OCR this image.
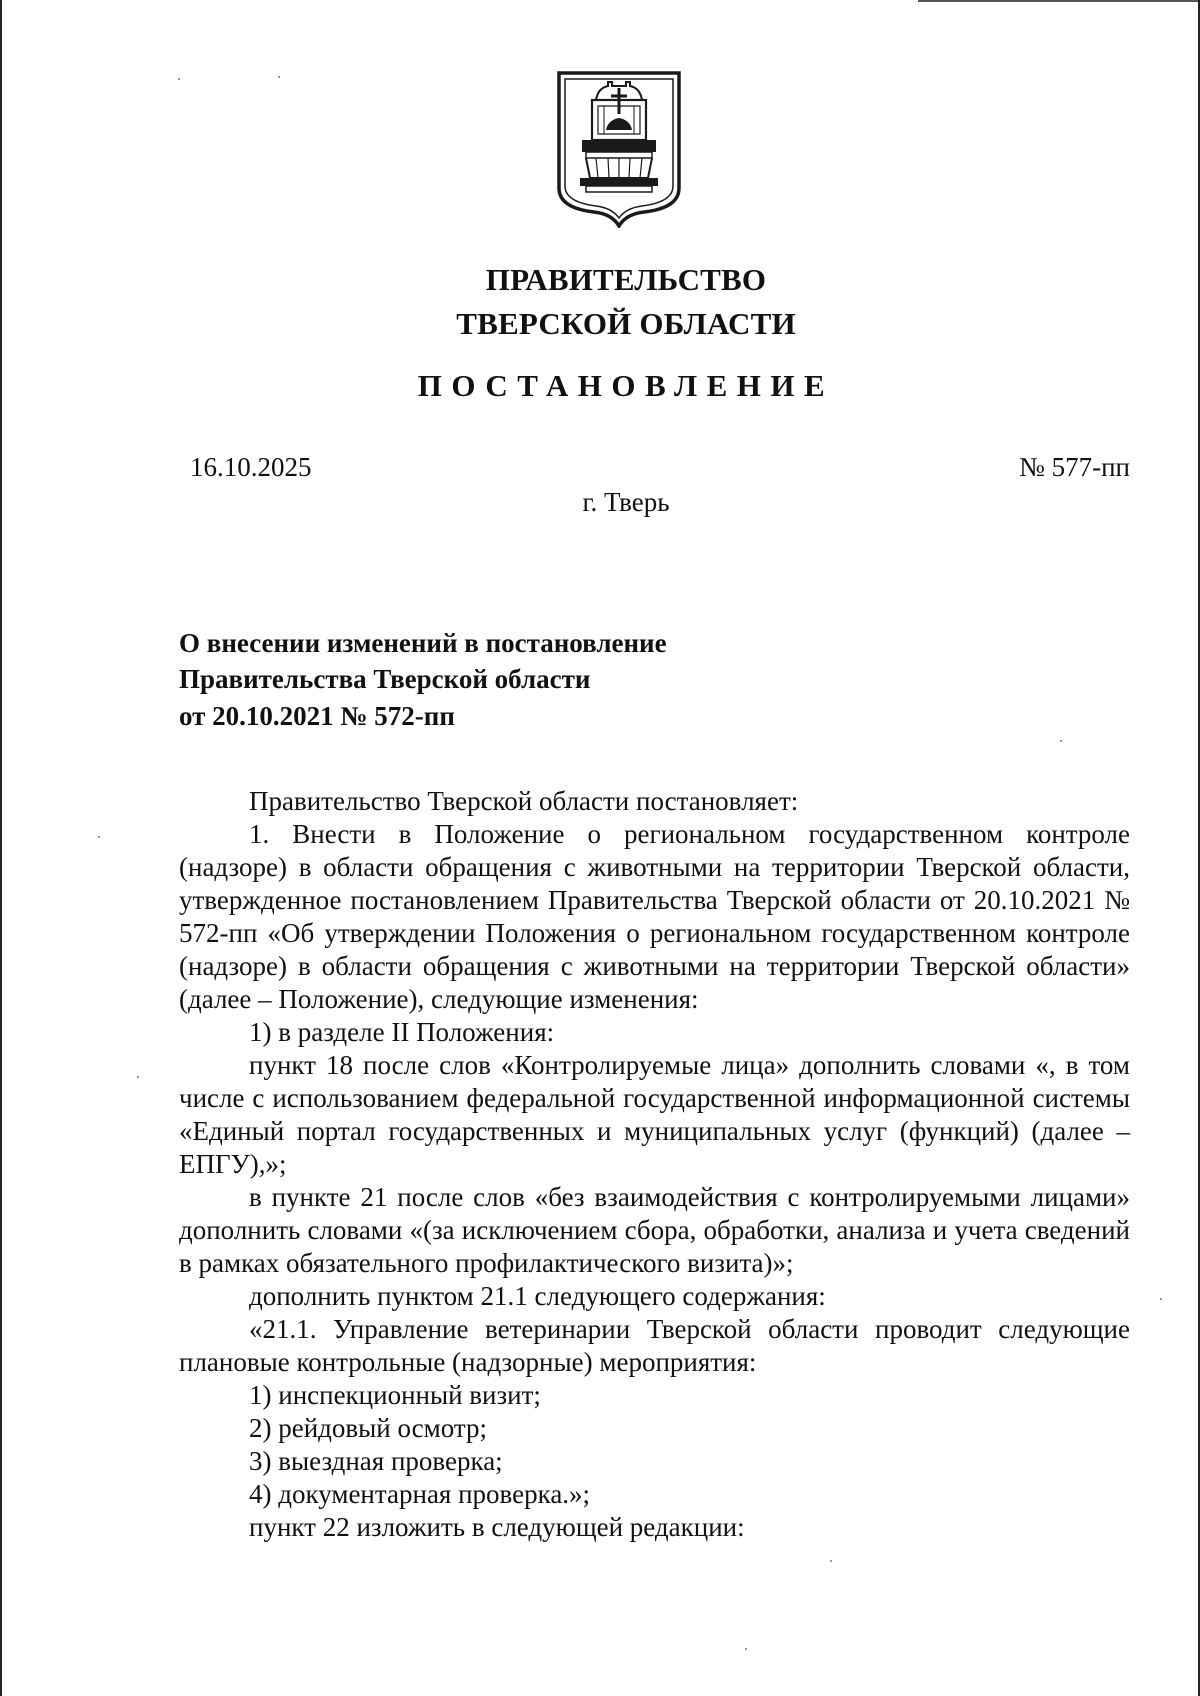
ПРАВИТЕЛЬСТВО
ТВЕРСКОЙ ОБЛАСТИ
ПОСТАНОВЛЕНИЕ
16.10.2025	№ 577-пп
г. Тверь
О внесении изменений в постановление
Правительства Тверской области
от 20.10.2021 № 572-пп

Правительство Тверской области постановляет:

1. Внести в Положение о региональном государственном контроле (надзоре) в области обращения с животными на территории Тверской области, утвержденное постановлением Правительства Тверской области от 20.10.2021 № 572-пп «Об утверждении Положения о региональном государственном контроле (надзоре) в области обращения с животными на территории Тверской области» (далее – Положение), следующие изменения:

1) в разделе II Положения:

пункт 18 после слов «Контролируемые лица» дополнить словами «, в том числе с использованием федеральной государственной информационной системы «Единый портал государственных и муниципальных услуг (функций) (далее – ЕПГУ),»;

в пункте 21 после слов «без взаимодействия с контролируемыми лицами» дополнить словами «(за исключением сбора, обработки, анализа и учета сведений в рамках обязательного профилактического визита)»;

дополнить пунктом 21.1 следующего содержания:

«21.1. Управление ветеринарии Тверской области проводит следующие плановые контрольные (надзорные) мероприятия:

1) инспекционный визит;

2) рейдовый осмотр;

3) выездная проверка;

4) документарная проверка.»;

пункт 22 изложить в следующей редакции:
